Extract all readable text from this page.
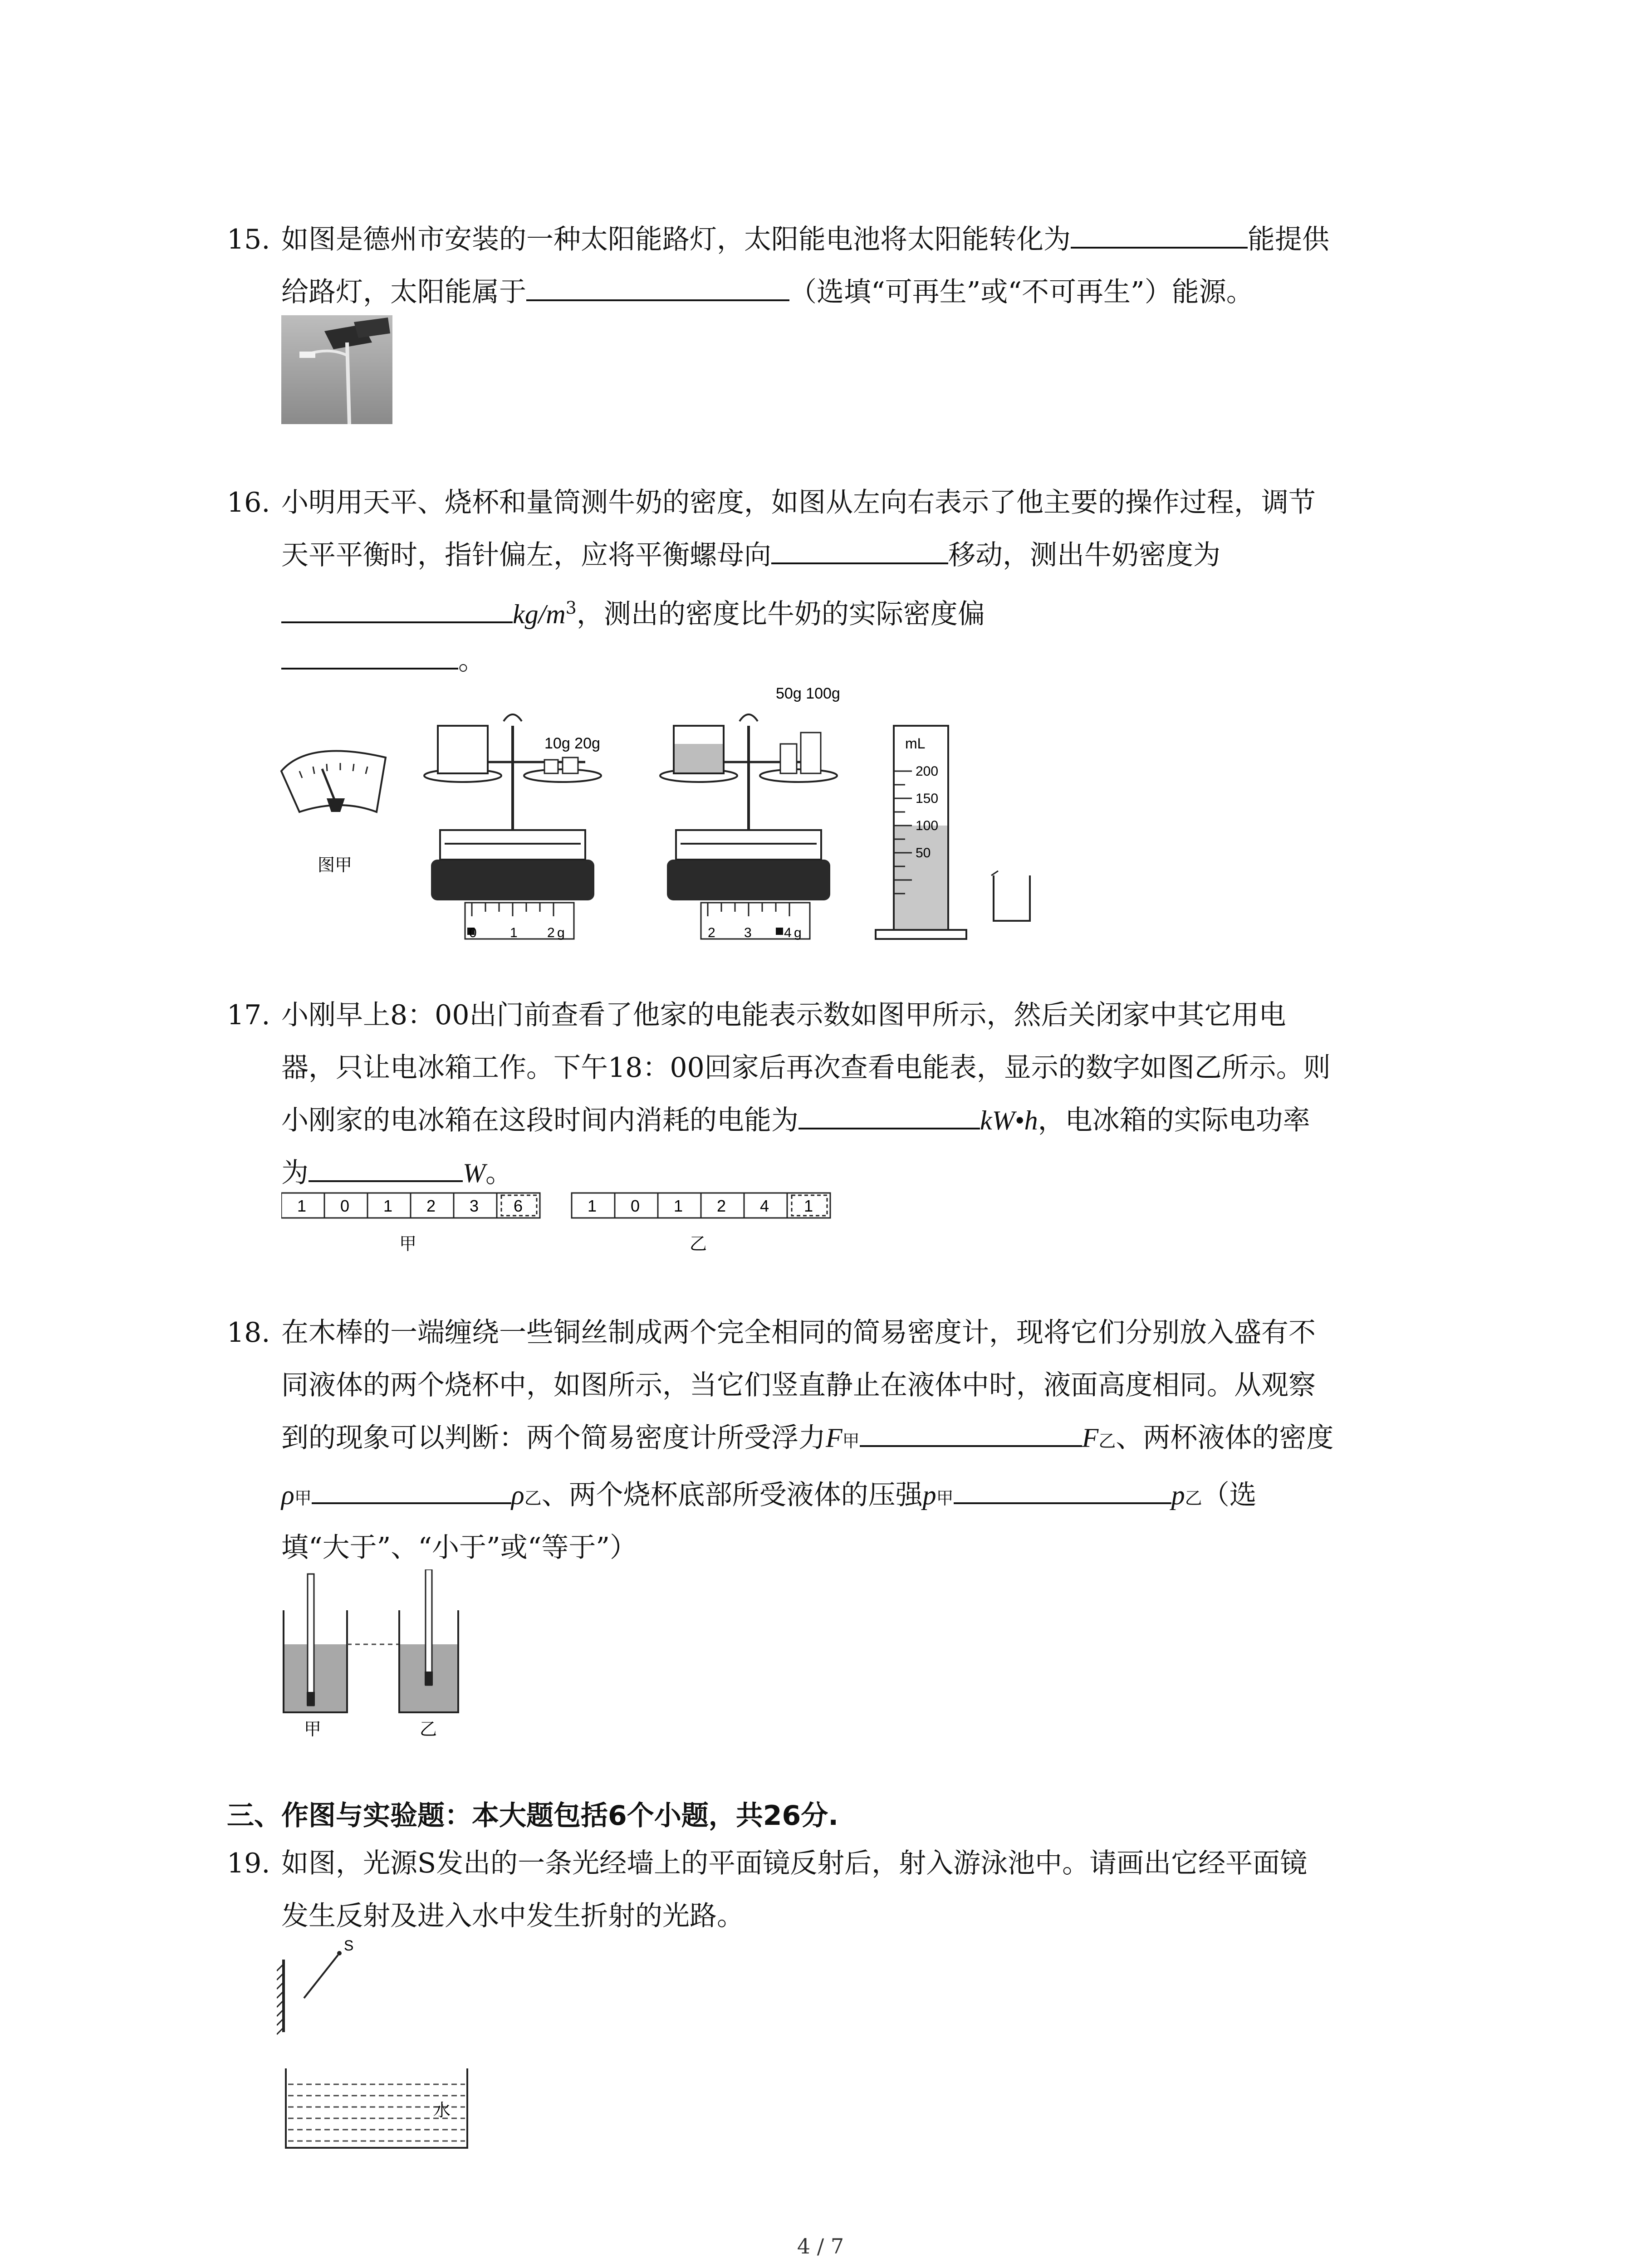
15. 如图是德州市安装的一种太阳能路灯，太阳能电池将太阳能转化为	能提供
给路灯，太阳能属于	（选填“可再生”或“不可再生”）能源。
16. 小明用天平、烧杯和量筒测牛奶的密度，如图从左向右表示了他主要的操作过程，调节
天平平衡时，指针偏左，应将平衡螺母向	移动，测出牛奶密度为
$kg/m^3$，测出的密度比牛奶的实际密度偏
。
图甲
10g 20g
0 1 2 g
50g 100g
2 3 4 g
mL
200
150
100
50
17. 小刚早上8：00出门前查看了他家的电能表示数如图甲所示，然后关闭家中其它用电
器，只让电冰箱工作。下午18：00回家后再次查看电能表，显示的数字如图乙所示。则
小刚家的电冰箱在这段时间内消耗的电能为	kW•h，电冰箱的实际电功率
为	W。
1 0 1 2 3 6
甲
1 0 1 2 4 1
乙
18. 在木棒的一端缠绕一些铜丝制成两个完全相同的简易密度计，现将它们分别放入盛有不
同液体的两个烧杯中，如图所示，当它们竖直静止在液体中时，液面高度相同。从观察
到的现象可以判断：两个简易密度计所受浮力F甲	F乙、两杯液体的密度
ρ甲	ρ乙、两个烧杯底部所受液体的压强p甲	p乙（选
填“大于”、“小于”或“等于”）
甲	乙
三、作图与实验题：本大题包括6个小题，共26分.
19. 如图，光源S发出的一条光经墙上的平面镜反射后，射入游泳池中。请画出它经平面镜
发生反射及进入水中发生折射的光路。
S
水
4 / 7
